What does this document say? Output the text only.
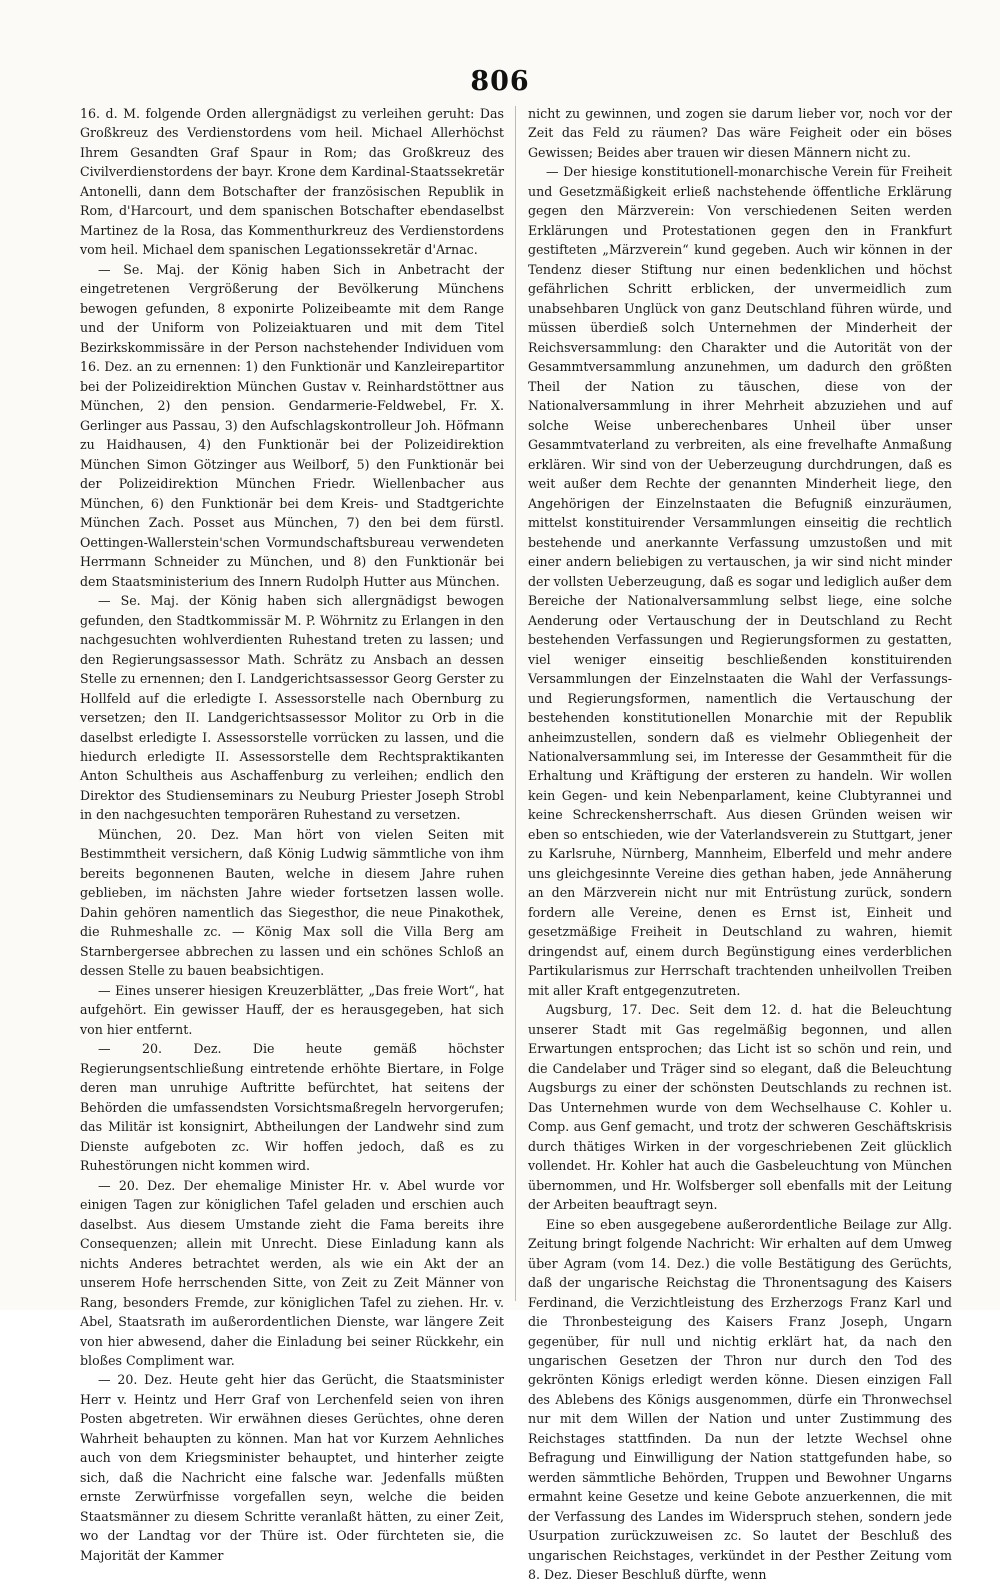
806

16. d. M. folgende Orden allergnädigst zu verleihen geruht: Das Großkreuz des Verdienstordens vom heil. Michael Allerhöchst Ihrem Gesandten Graf Spaur in Rom; das Großkreuz des Civilverdienstordens der bayr. Krone dem Kardinal-Staatssekretär Antonelli, dann dem Botschafter der französischen Republik in Rom, d'Harcourt, und dem spanischen Botschafter ebendaselbst Martinez de la Rosa, das Kommenthurkreuz des Verdienstordens vom heil. Michael dem spanischen Legationssekretär d'Arnac.

— Se. Maj. der König haben Sich in Anbetracht der eingetretenen Vergrößerung der Bevölkerung Münchens bewogen gefunden, 8 exponirte Polizeibeamte mit dem Range und der Uniform von Polizeiaktuaren und mit dem Titel Bezirkskommissäre in der Person nachstehender Individuen vom 16. Dez. an zu ernennen: 1) den Funktionär und Kanzleirepartitor bei der Polizeidirektion München Gustav v. Reinhardstöttner aus München, 2) den pension. Gendarmerie-Feldwebel, Fr. X. Gerlinger aus Passau, 3) den Aufschlagskontrolleur Joh. Höfmann zu Haidhausen, 4) den Funktionär bei der Polizeidirektion München Simon Götzinger aus Weilborf, 5) den Funktionär bei der Polizeidirektion München Friedr. Wiellenbacher aus München, 6) den Funktionär bei dem Kreis- und Stadtgerichte München Zach. Posset aus München, 7) den bei dem fürstl. Oettingen-Wallerstein'schen Vormundschaftsbureau verwendeten Herrmann Schneider zu München, und 8) den Funktionär bei dem Staatsministerium des Innern Rudolph Hutter aus München.

— Se. Maj. der König haben sich allergnädigst bewogen gefunden, den Stadtkommissär M. P. Wöhrnitz zu Erlangen in den nachgesuchten wohlverdienten Ruhestand treten zu lassen; und den Regierungsassessor Math. Schrätz zu Ansbach an dessen Stelle zu ernennen; den I. Landgerichtsassessor Georg Gerster zu Hollfeld auf die erledigte I. Assessorstelle nach Obernburg zu versetzen; den II. Landgerichtsassessor Molitor zu Orb in die daselbst erledigte I. Assessorstelle vorrücken zu lassen, und die hiedurch erledigte II. Assessorstelle dem Rechtspraktikanten Anton Schultheis aus Aschaffenburg zu verleihen; endlich den Direktor des Studienseminars zu Neuburg Priester Joseph Strobl in den nachgesuchten temporären Ruhestand zu versetzen.

München, 20. Dez. Man hört von vielen Seiten mit Bestimmtheit versichern, daß König Ludwig sämmtliche von ihm bereits begonnenen Bauten, welche in diesem Jahre ruhen geblieben, im nächsten Jahre wieder fortsetzen lassen wolle. Dahin gehören namentlich das Siegesthor, die neue Pinakothek, die Ruhmeshalle zc. — König Max soll die Villa Berg am Starnbergersee abbrechen zu lassen und ein schönes Schloß an dessen Stelle zu bauen beabsichtigen.

— Eines unserer hiesigen Kreuzerblätter, „Das freie Wort“, hat aufgehört. Ein gewisser Hauff, der es herausgegeben, hat sich von hier entfernt.

— 20. Dez. Die heute gemäß höchster Regierungsentschließung eintretende erhöhte Biertare, in Folge deren man unruhige Auftritte befürchtet, hat seitens der Behörden die umfassendsten Vorsichtsmaßregeln hervorgerufen; das Militär ist konsignirt, Abtheilungen der Landwehr sind zum Dienste aufgeboten zc. Wir hoffen jedoch, daß es zu Ruhestörungen nicht kommen wird.

— 20. Dez. Der ehemalige Minister Hr. v. Abel wurde vor einigen Tagen zur königlichen Tafel geladen und erschien auch daselbst. Aus diesem Umstande zieht die Fama bereits ihre Consequenzen; allein mit Unrecht. Diese Einladung kann als nichts Anderes betrachtet werden, als wie ein Akt der an unserem Hofe herrschenden Sitte, von Zeit zu Zeit Männer von Rang, besonders Fremde, zur königlichen Tafel zu ziehen. Hr. v. Abel, Staatsrath im außerordentlichen Dienste, war längere Zeit von hier abwesend, daher die Einladung bei seiner Rückkehr, ein bloßes Compliment war.

— 20. Dez. Heute geht hier das Gerücht, die Staatsminister Herr v. Heintz und Herr Graf von Lerchenfeld seien von ihren Posten abgetreten. Wir erwähnen dieses Gerüchtes, ohne deren Wahrheit behaupten zu können. Man hat vor Kurzem Aehnliches auch von dem Kriegsminister behauptet, und hinterher zeigte sich, daß die Nachricht eine falsche war. Jedenfalls müßten ernste Zerwürfnisse vorgefallen seyn, welche die beiden Staatsmänner zu diesem Schritte veranlaßt hätten, zu einer Zeit, wo der Landtag vor der Thüre ist. Oder fürchteten sie, die Majorität der Kammer

nicht zu gewinnen, und zogen sie darum lieber vor, noch vor der Zeit das Feld zu räumen? Das wäre Feigheit oder ein böses Gewissen; Beides aber trauen wir diesen Männern nicht zu.

— Der hiesige konstitutionell-monarchische Verein für Freiheit und Gesetzmäßigkeit erließ nachstehende öffentliche Erklärung gegen den Märzverein: Von verschiedenen Seiten werden Erklärungen und Protestationen gegen den in Frankfurt gestifteten „Märzverein“ kund gegeben. Auch wir können in der Tendenz dieser Stiftung nur einen bedenklichen und höchst gefährlichen Schritt erblicken, der unvermeidlich zum unabsehbaren Unglück von ganz Deutschland führen würde, und müssen überdieß solch Unternehmen der Minderheit der Reichsversammlung: den Charakter und die Autorität von der Gesammtversammlung anzunehmen, um dadurch den größten Theil der Nation zu täuschen, diese von der Nationalversammlung in ihrer Mehrheit abzuziehen und auf solche Weise unberechenbares Unheil über unser Gesammtvaterland zu verbreiten, als eine frevelhafte Anmaßung erklären. Wir sind von der Ueberzeugung durchdrungen, daß es weit außer dem Rechte der genannten Minderheit liege, den Angehörigen der Einzelnstaaten die Befugniß einzuräumen, mittelst konstituirender Versammlungen einseitig die rechtlich bestehende und anerkannte Verfassung umzustoßen und mit einer andern beliebigen zu vertauschen, ja wir sind nicht minder der vollsten Ueberzeugung, daß es sogar und lediglich außer dem Bereiche der Nationalversammlung selbst liege, eine solche Aenderung oder Vertauschung der in Deutschland zu Recht bestehenden Verfassungen und Regierungsformen zu gestatten, viel weniger einseitig beschließenden konstituirenden Versammlungen der Einzelnstaaten die Wahl der Verfassungs- und Regierungsformen, namentlich die Vertauschung der bestehenden konstitutionellen Monarchie mit der Republik anheimzustellen, sondern daß es vielmehr Obliegenheit der Nationalversammlung sei, im Interesse der Gesammtheit für die Erhaltung und Kräftigung der ersteren zu handeln. Wir wollen kein Gegen- und kein Nebenparlament, keine Clubtyrannei und keine Schreckensherrschaft. Aus diesen Gründen weisen wir eben so entschieden, wie der Vaterlandsverein zu Stuttgart, jener zu Karlsruhe, Nürnberg, Mannheim, Elberfeld und mehr andere uns gleichgesinnte Vereine dies gethan haben, jede Annäherung an den Märzverein nicht nur mit Entrüstung zurück, sondern fordern alle Vereine, denen es Ernst ist, Einheit und gesetzmäßige Freiheit in Deutschland zu wahren, hiemit dringendst auf, einem durch Begünstigung eines verderblichen Partikularismus zur Herrschaft trachtenden unheilvollen Treiben mit aller Kraft entgegenzutreten.

Augsburg, 17. Dec. Seit dem 12. d. hat die Beleuchtung unserer Stadt mit Gas regelmäßig begonnen, und allen Erwartungen entsprochen; das Licht ist so schön und rein, und die Candelaber und Träger sind so elegant, daß die Beleuchtung Augsburgs zu einer der schönsten Deutschlands zu rechnen ist. Das Unternehmen wurde von dem Wechselhause C. Kohler u. Comp. aus Genf gemacht, und trotz der schweren Geschäftskrisis durch thätiges Wirken in der vorgeschriebenen Zeit glücklich vollendet. Hr. Kohler hat auch die Gasbeleuchtung von München übernommen, und Hr. Wolfsberger soll ebenfalls mit der Leitung der Arbeiten beauftragt seyn.

Eine so eben ausgegebene außerordentliche Beilage zur Allg. Zeitung bringt folgende Nachricht: Wir erhalten auf dem Umweg über Agram (vom 14. Dez.) die volle Bestätigung des Gerüchts, daß der ungarische Reichstag die Thronentsagung des Kaisers Ferdinand, die Verzichtleistung des Erzherzogs Franz Karl und die Thronbesteigung des Kaisers Franz Joseph, Ungarn gegenüber, für null und nichtig erklärt hat, da nach den ungarischen Gesetzen der Thron nur durch den Tod des gekrönten Königs erledigt werden könne. Diesen einzigen Fall des Ablebens des Königs ausgenommen, dürfe ein Thronwechsel nur mit dem Willen der Nation und unter Zustimmung des Reichstages stattfinden. Da nun der letzte Wechsel ohne Befragung und Einwilligung der Nation stattgefunden habe, so werden sämmtliche Behörden, Truppen und Bewohner Ungarns ermahnt keine Gesetze und keine Gebote anzuerkennen, die mit der Verfassung des Landes im Widerspruch stehen, sondern jede Usurpation zurückzuweisen zc. So lautet der Beschluß des ungarischen Reichstages, verkündet in der Pesther Zeitung vom 8. Dez. Dieser Beschluß dürfte, wenn
